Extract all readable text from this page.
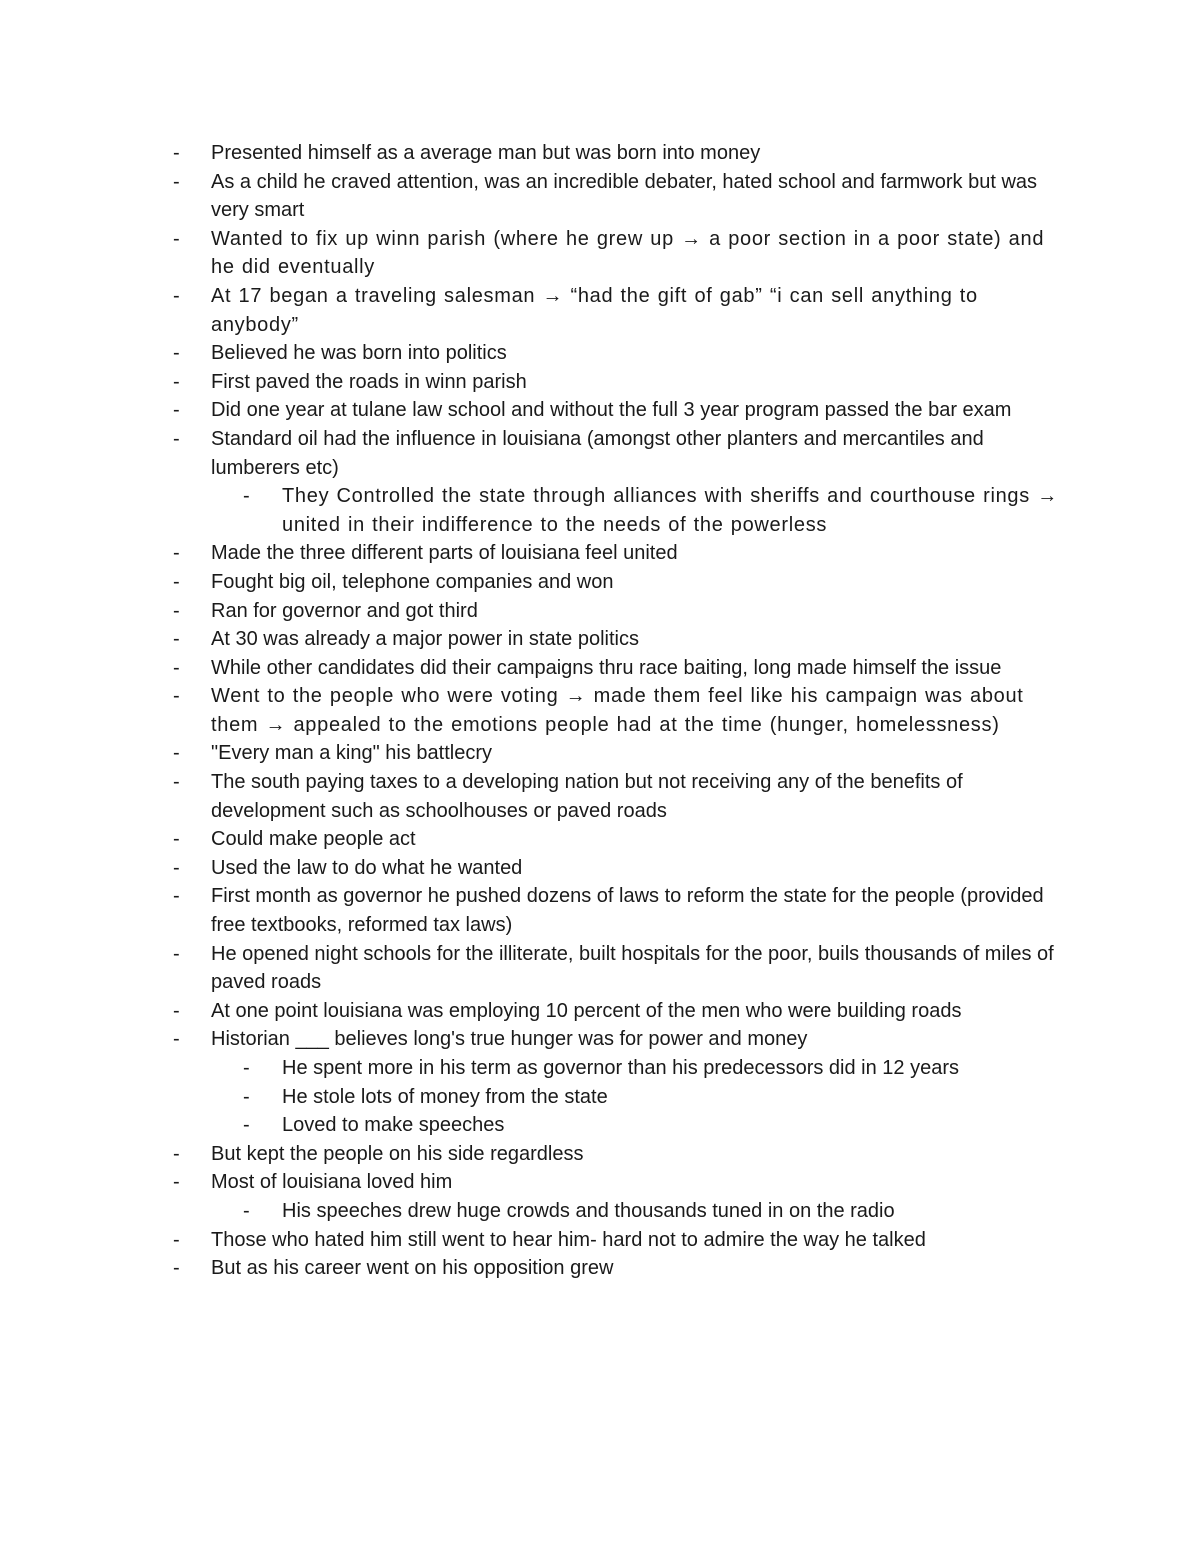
- Presented himself as a average man but was born into money
- As a child he craved attention, was an incredible debater, hated school and farmwork but was very smart
- Wanted to fix up winn parish (where he grew up → a poor section in a poor state) and he did eventually
- At 17 began a traveling salesman → “had the gift of gab” “i can sell anything to anybody”
- Believed he was born into politics
- First paved the roads in winn parish
- Did one year at tulane law school and without the full 3 year program passed the bar exam
- Standard oil had the influence in louisiana (amongst other planters and mercantiles and lumberers etc)
- They Controlled the state through alliances with sheriffs and courthouse rings → united in their indifference to the needs of the powerless
- Made the three different parts of louisiana feel united
- Fought big oil, telephone companies and won
- Ran for governor and got third
- At 30 was already a major power in state politics
- While other candidates did their campaigns thru race baiting, long made himself the issue
- Went to the people who were voting → made them feel like his campaign was about them → appealed to the emotions people had at the time (hunger, homelessness)
- "Every man a king" his battlecry
- The south paying taxes to a developing nation but not receiving any of the benefits of development such as schoolhouses or paved roads
- Could make people act
- Used the law to do what he wanted
- First month as governor he pushed dozens of laws to reform the state for the people (provided free textbooks, reformed tax laws)
- He opened night schools for the illiterate, built hospitals for the poor, buils thousands of miles of paved roads
- At one point louisiana was employing 10 percent of the men who were building roads
- Historian ___ believes long's true hunger was for power and money
- He spent more in his term as governor than his predecessors did in 12 years
- He stole lots of money from the state
- Loved to make speeches
- But kept the people on his side regardless
- Most of louisiana loved him
- His speeches drew huge crowds and thousands tuned in on the radio
- Those who hated him still went to hear him- hard not to admire the way he talked
- But as his career went on his opposition grew
